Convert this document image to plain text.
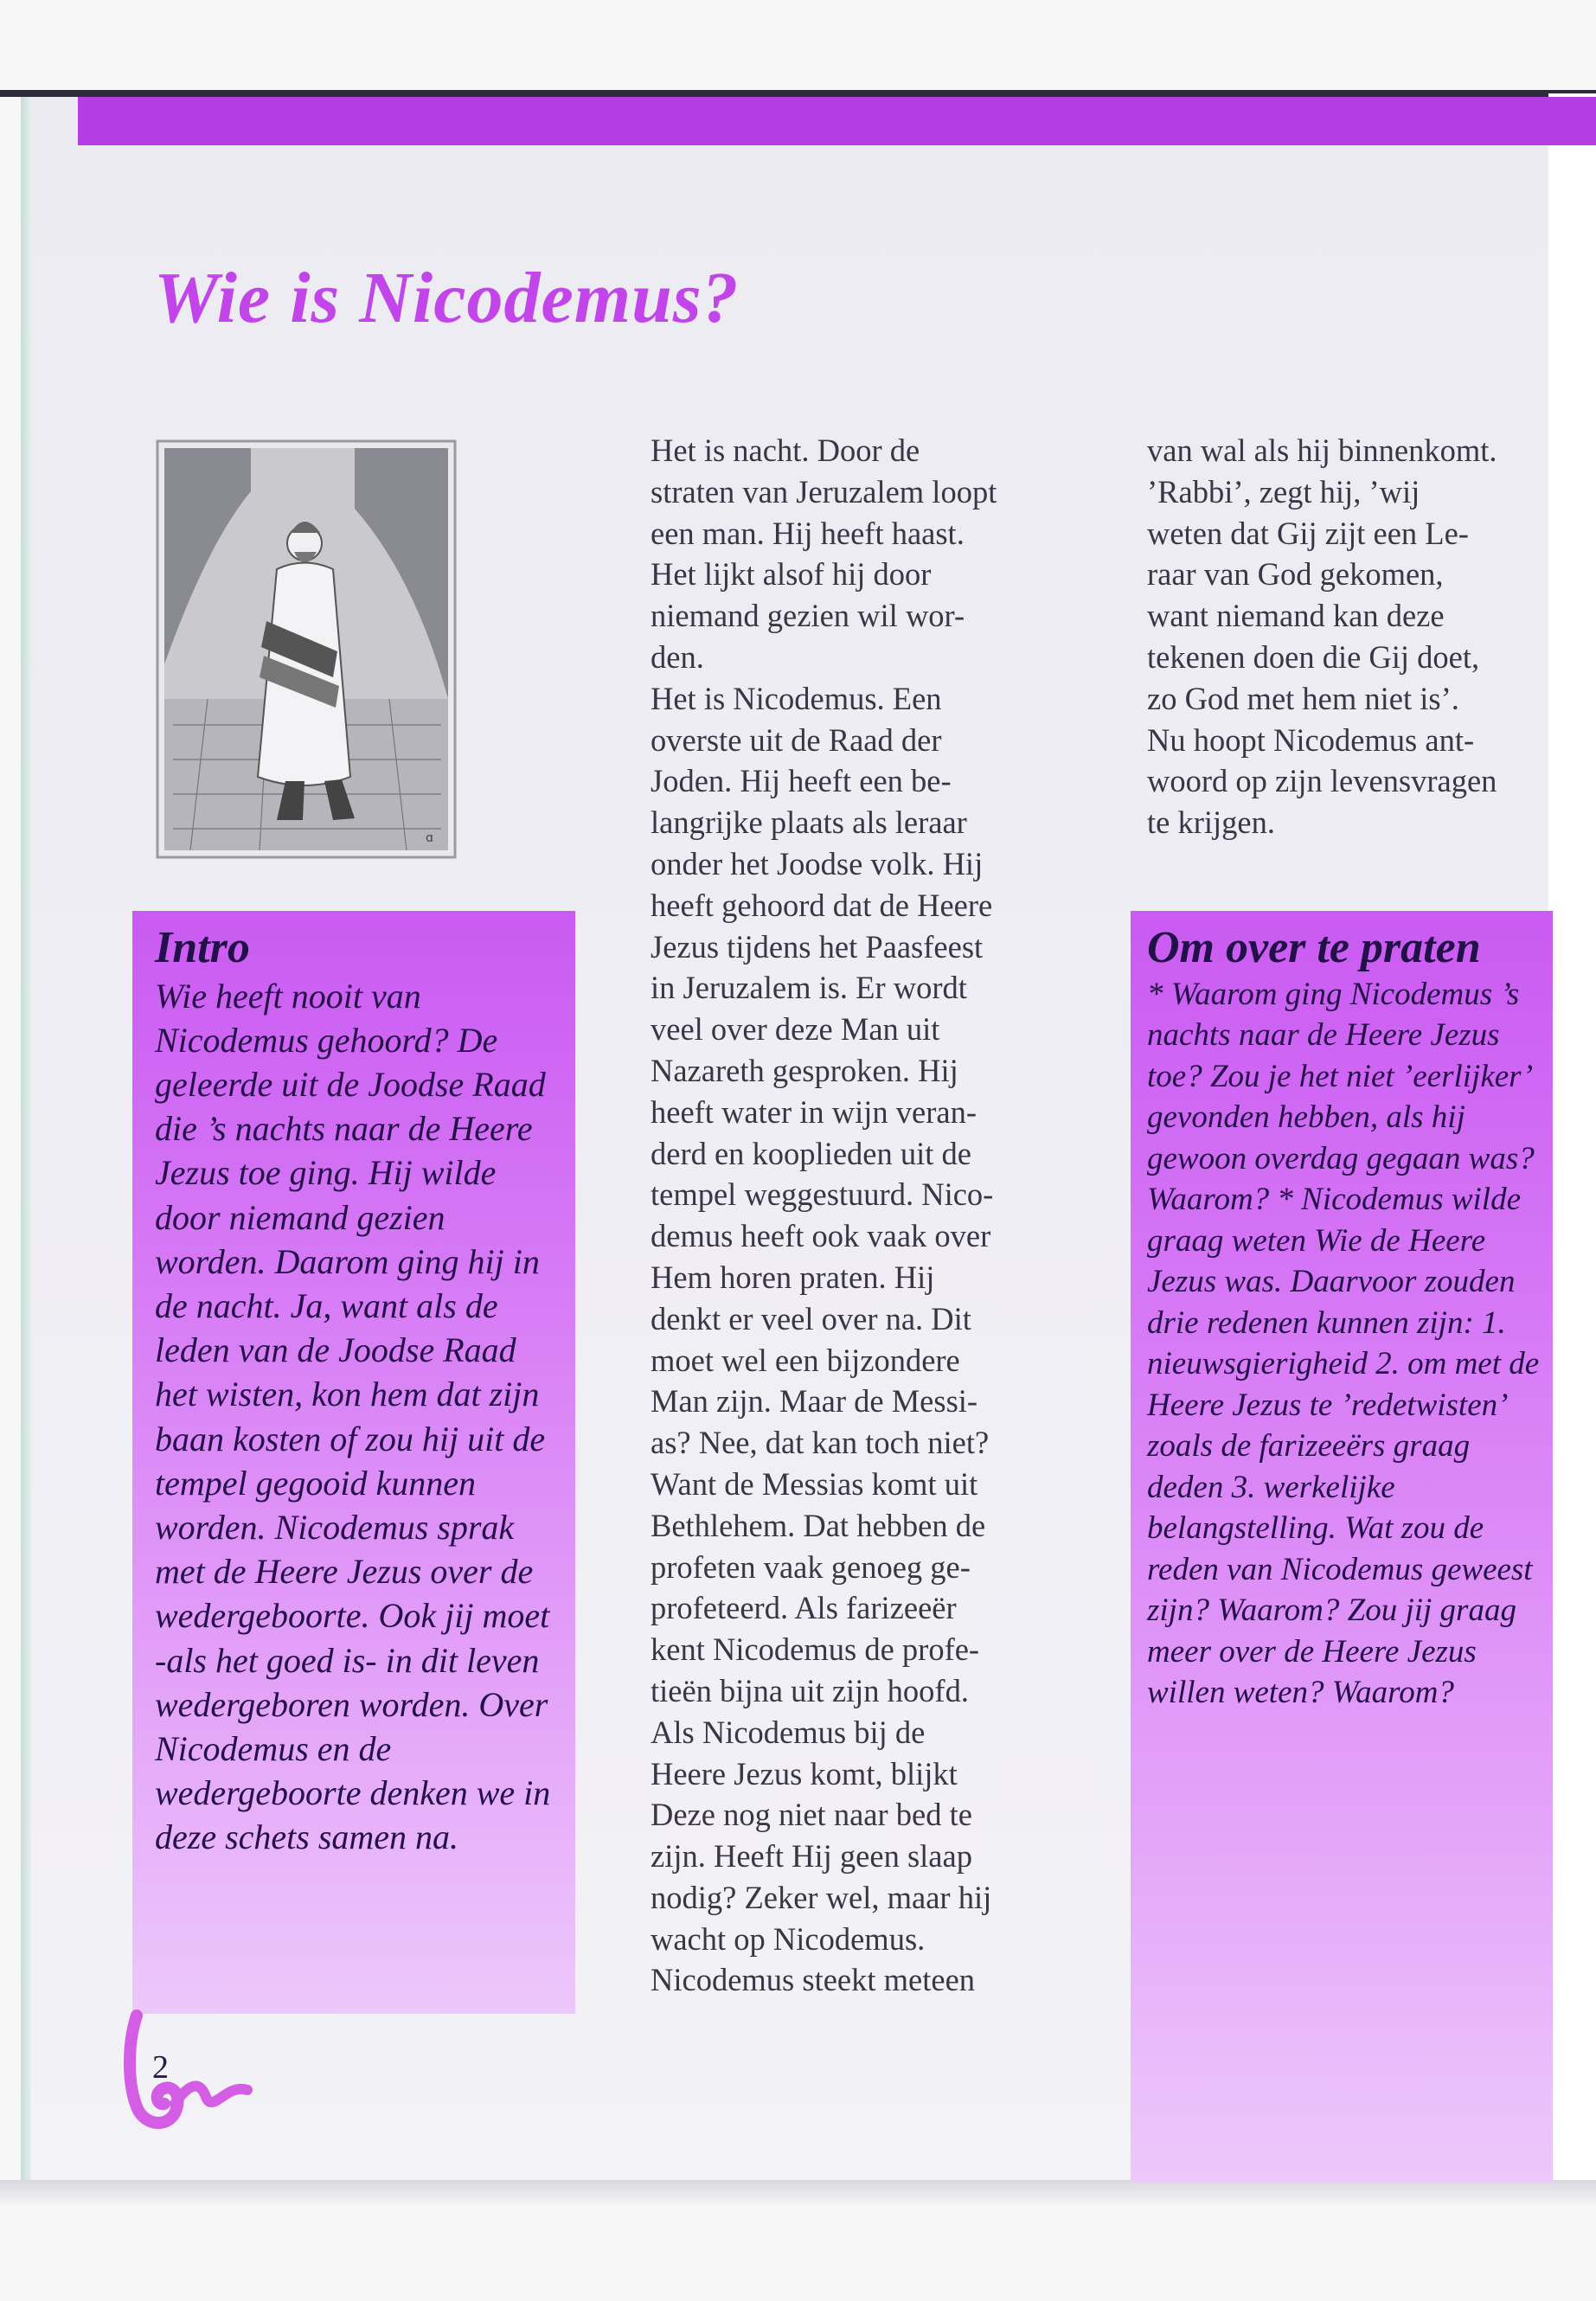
Wie is Nicodemus?
ɑ
Intro

Wie heeft nooit van Nicodemus gehoord? De geleerde uit de Joodse Raad die ’s nachts naar de Heere Jezus toe ging. Hij wilde door niemand gezien worden. Daarom ging hij in de nacht. Ja, want als de leden van de Joodse Raad het wisten, kon hem dat zijn baan kosten of zou hij uit de tempel gegooid kunnen worden. Nicodemus sprak met de Heere Jezus over de wedergeboorte. Ook jij moet -als het goed is- in dit leven wedergeboren worden. Over Nicodemus en de wedergeboorte denken we in deze schets samen na.

Het is nacht. Door de
straten van Jeruzalem loopt
een man. Hij heeft haast.
Het lijkt alsof hij door
niemand gezien wil wor-
den.
Het is Nicodemus. Een
overste uit de Raad der
Joden. Hij heeft een be-
langrijke plaats als leraar
onder het Joodse volk. Hij
heeft gehoord dat de Heere
Jezus tijdens het Paasfeest
in Jeruzalem is. Er wordt
veel over deze Man uit
Nazareth gesproken. Hij
heeft water in wijn veran-
derd en kooplieden uit de
tempel weggestuurd. Nico-
demus heeft ook vaak over
Hem horen praten. Hij
denkt er veel over na. Dit
moet wel een bijzondere
Man zijn. Maar de Messi-
as? Nee, dat kan toch niet?
Want de Messias komt uit
Bethlehem. Dat hebben de
profeten vaak genoeg ge-
profeteerd. Als farizeeër
kent Nicodemus de profe-
tieën bijna uit zijn hoofd.
Als Nicodemus bij de
Heere Jezus komt, blijkt
Deze nog niet naar bed te
zijn. Heeft Hij geen slaap
nodig? Zeker wel, maar hij
wacht op Nicodemus.
Nicodemus steekt meteen

van wal als hij binnenkomt.
’Rabbi’, zegt hij, ’wij
weten dat Gij zijt een Le-
raar van God gekomen,
want niemand kan deze
tekenen doen die Gij doet,
zo God met hem niet is’.
Nu hoopt Nicodemus ant-
woord op zijn levensvragen
te krijgen.

Om over te praten

* Waarom ging Nicodemus ’s nachts naar de Heere Jezus toe? Zou je het niet ’eerlijker’ gevonden hebben, als hij gewoon overdag gegaan was? Waarom? * Nicodemus wilde graag weten Wie de Heere Jezus was. Daarvoor zouden drie redenen kunnen zijn: 1. nieuwsgierigheid 2. om met de Heere Jezus te ’redetwisten’ zoals de farizeeërs graag deden 3. werkelijke belangstelling. Wat zou de reden van Nicodemus geweest zijn? Waarom? Zou jij graag meer over de Heere Jezus willen weten? Waarom?

2
